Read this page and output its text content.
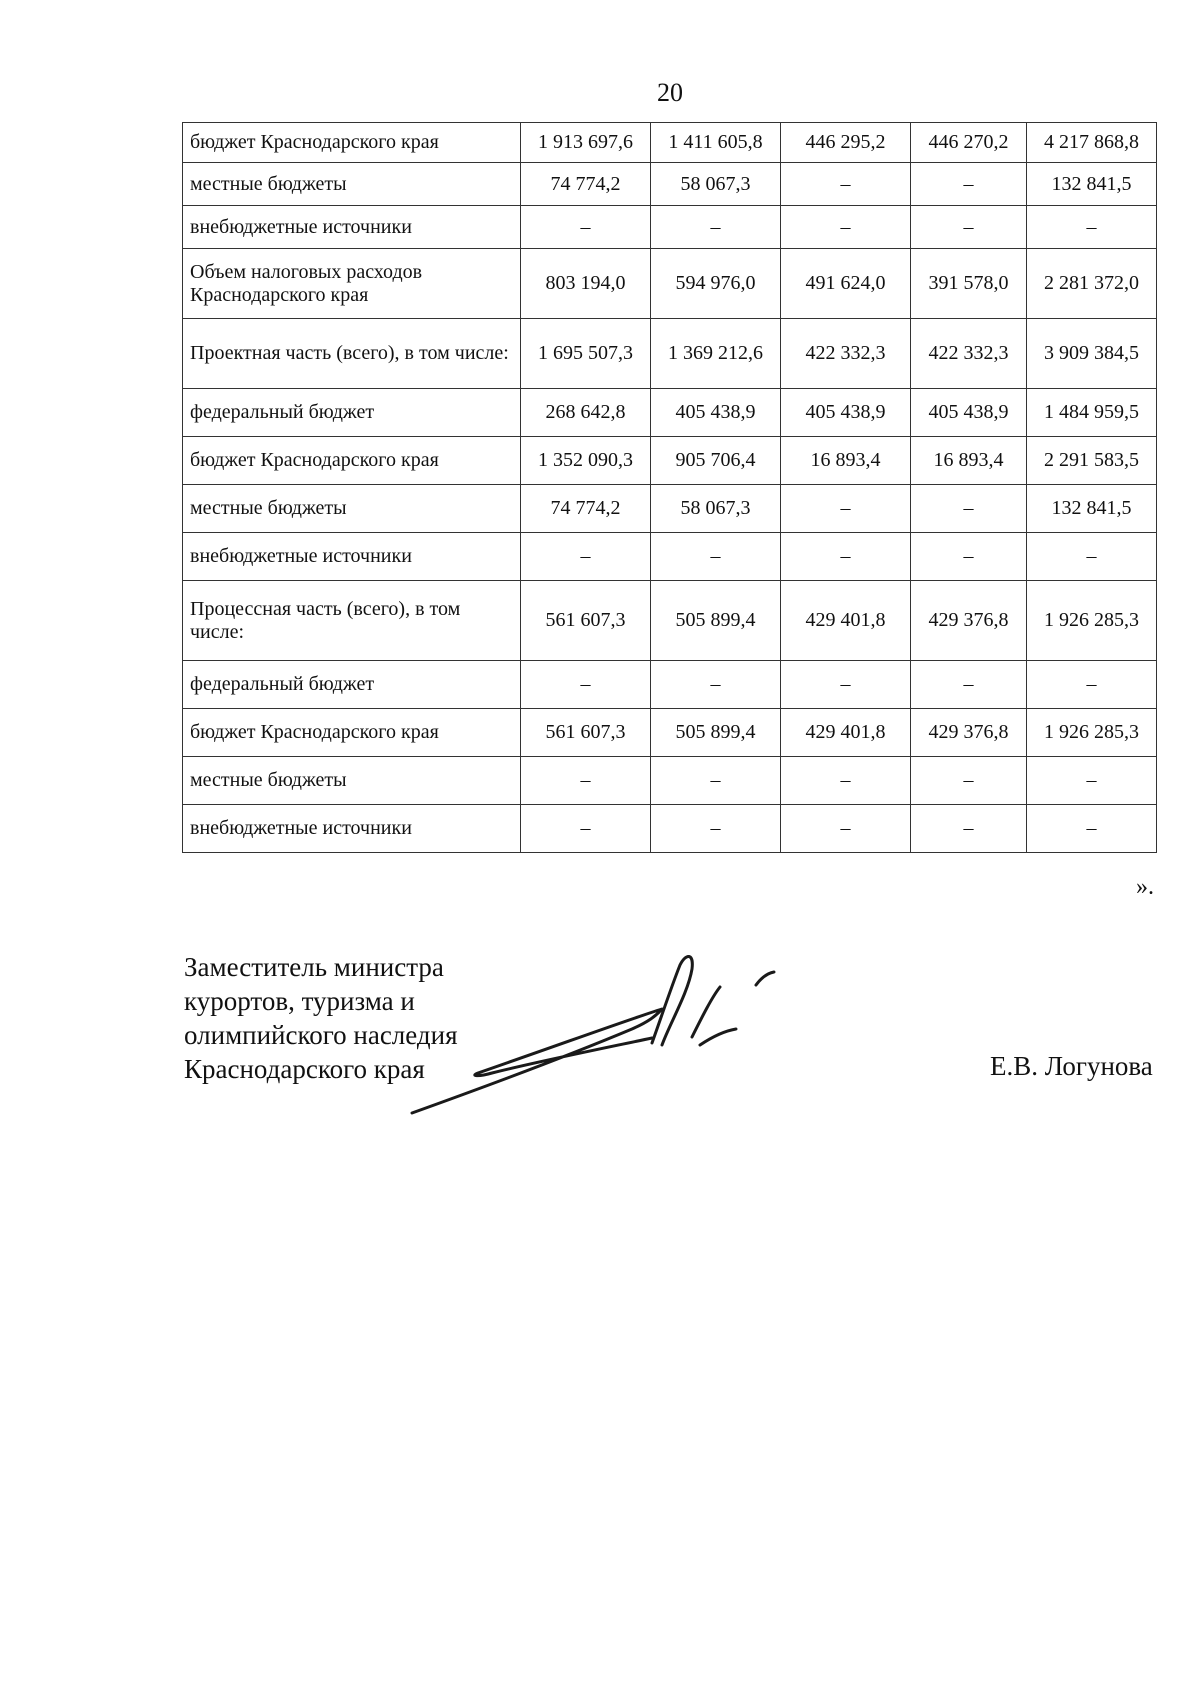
20
бюджет Краснодарского края	1 913 697,6	1 411 605,8	446 295,2	446 270,2	4 217 868,8
местные бюджеты	74 774,2	58 067,3	–	–	132 841,5
внебюджетные источники	–	–	–	–	–
Объем налоговых расходов Краснодарского края	803 194,0	594 976,0	491 624,0	391 578,0	2 281 372,0
Проектная часть (всего), в том числе:	1 695 507,3	1 369 212,6	422 332,3	422 332,3	3 909 384,5
федеральный бюджет	268 642,8	405 438,9	405 438,9	405 438,9	1 484 959,5
бюджет Краснодарского края	1 352 090,3	905 706,4	16 893,4	16 893,4	2 291 583,5
местные бюджеты	74 774,2	58 067,3	–	–	132 841,5
внебюджетные источники	–	–	–	–	–
Процессная часть (всего), в том числе:	561 607,3	505 899,4	429 401,8	429 376,8	1 926 285,3
федеральный бюджет	–	–	–	–	–
бюджет Краснодарского края	561 607,3	505 899,4	429 401,8	429 376,8	1 926 285,3
местные бюджеты	–	–	–	–	–
внебюджетные источники	–	–	–	–	–
».
Заместитель министра
курортов, туризма и
олимпийского наследия
Краснодарского края	Е.В. Логунова
